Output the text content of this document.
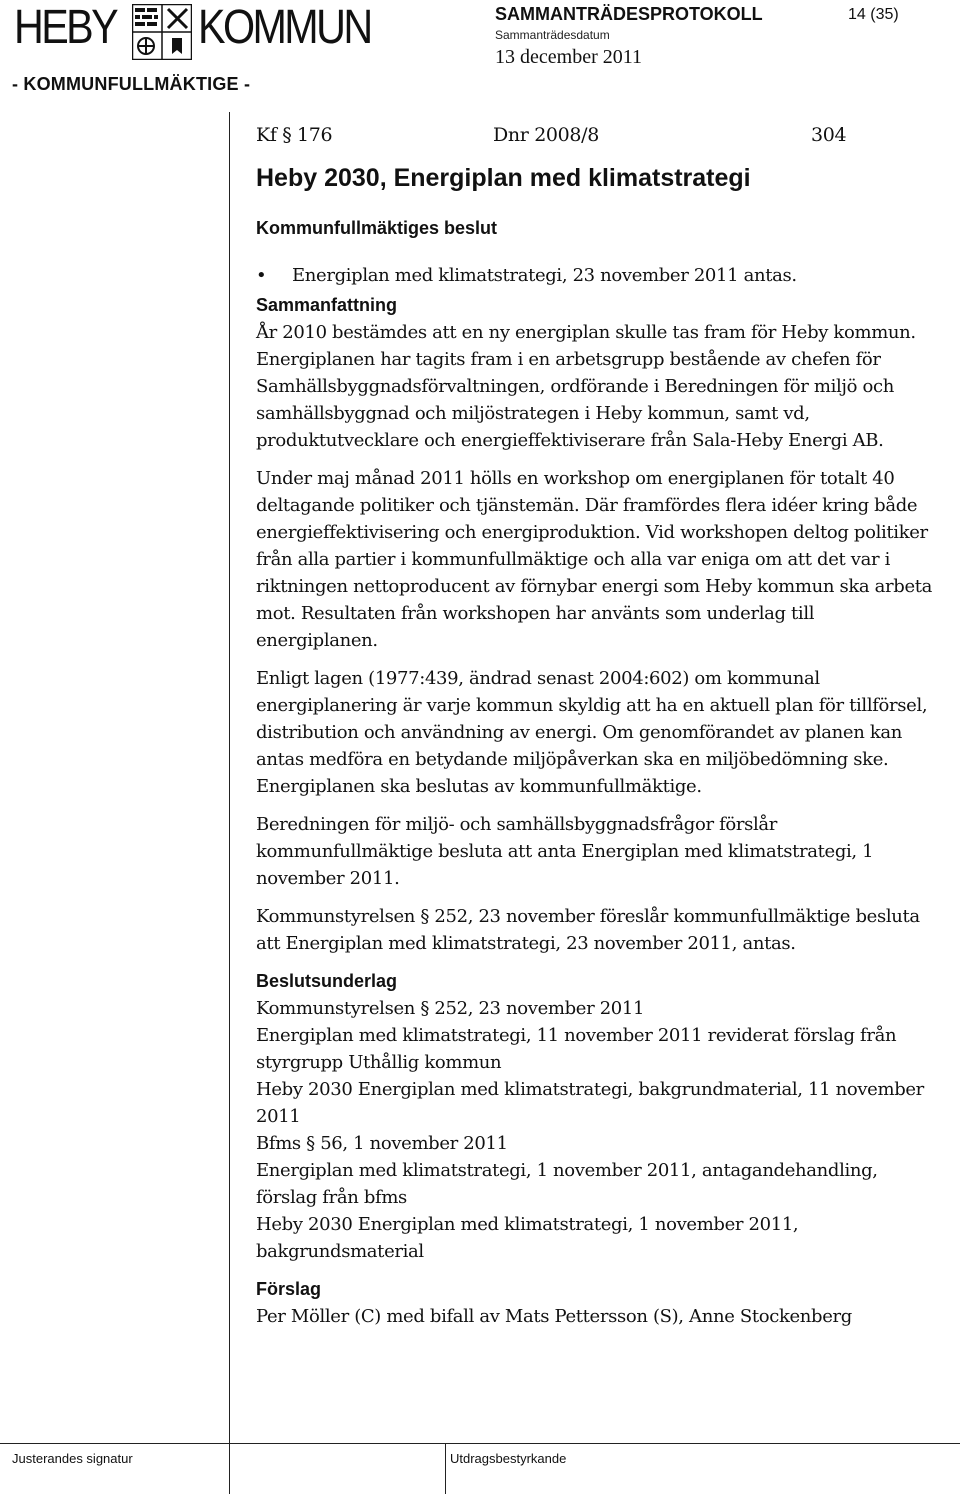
HEBY KOMMUN
- KOMMUNFULLMÄKTIGE -
SAMMANTRÄDESPROTOKOLL
Sammanträdesdatum
13 december 2011
14 (35)
Kf § 176	Dnr 2008/8	304
Heby 2030, Energiplan med klimatstrategi
Kommunfullmäktiges beslut
• Energiplan med klimatstrategi, 23 november 2011 antas.
Sammanfattning

År 2010 bestämdes att en ny energiplan skulle tas fram för Heby kommun. Energiplanen har tagits fram i en arbetsgrupp bestående av chefen för Samhällsbyggnadsförvaltningen, ordförande i Beredningen för miljö och samhällsbyggnad och miljöstrategen i Heby kommun, samt vd, produktutvecklare och energieffektiviserare från Sala-Heby Energi AB.

Under maj månad 2011 hölls en workshop om energiplanen för totalt 40 deltagande politiker och tjänstemän. Där framfördes flera idéer kring både energieffektivisering och energiproduktion. Vid workshopen deltog politiker från alla partier i kommunfullmäktige och alla var eniga om att det var i riktningen nettoproducent av förnybar energi som Heby kommun ska arbeta mot. Resultaten från workshopen har använts som underlag till energiplanen.

Enligt lagen (1977:439, ändrad senast 2004:602) om kommunal energiplanering är varje kommun skyldig att ha en aktuell plan för tillförsel, distribution och användning av energi. Om genomförandet av planen kan antas medföra en betydande miljöpåverkan ska en miljöbedömning ske. Energiplanen ska beslutas av kommunfullmäktige.

Beredningen för miljö- och samhällsbyggnadsfrågor förslår kommunfullmäktige besluta att anta Energiplan med klimatstrategi, 1 november 2011.

Kommunstyrelsen § 252, 23 november föreslår kommunfullmäktige besluta att Energiplan med klimatstrategi, 23 november 2011, antas.

Beslutsunderlag

Kommunstyrelsen § 252, 23 november 2011

Energiplan med klimatstrategi, 11 november 2011 reviderat förslag från styrgrupp Uthållig kommun

Heby 2030 Energiplan med klimatstrategi, bakgrundmaterial, 11 november 2011

Bfms § 56, 1 november 2011

Energiplan med klimatstrategi, 1 november 2011, antagandehandling, förslag från bfms

Heby 2030 Energiplan med klimatstrategi, 1 november 2011, bakgrundsmaterial

Förslag

Per Möller (C) med bifall av Mats Pettersson (S), Anne Stockenberg

Justerandes signatur	Utdragsbestyrkande
